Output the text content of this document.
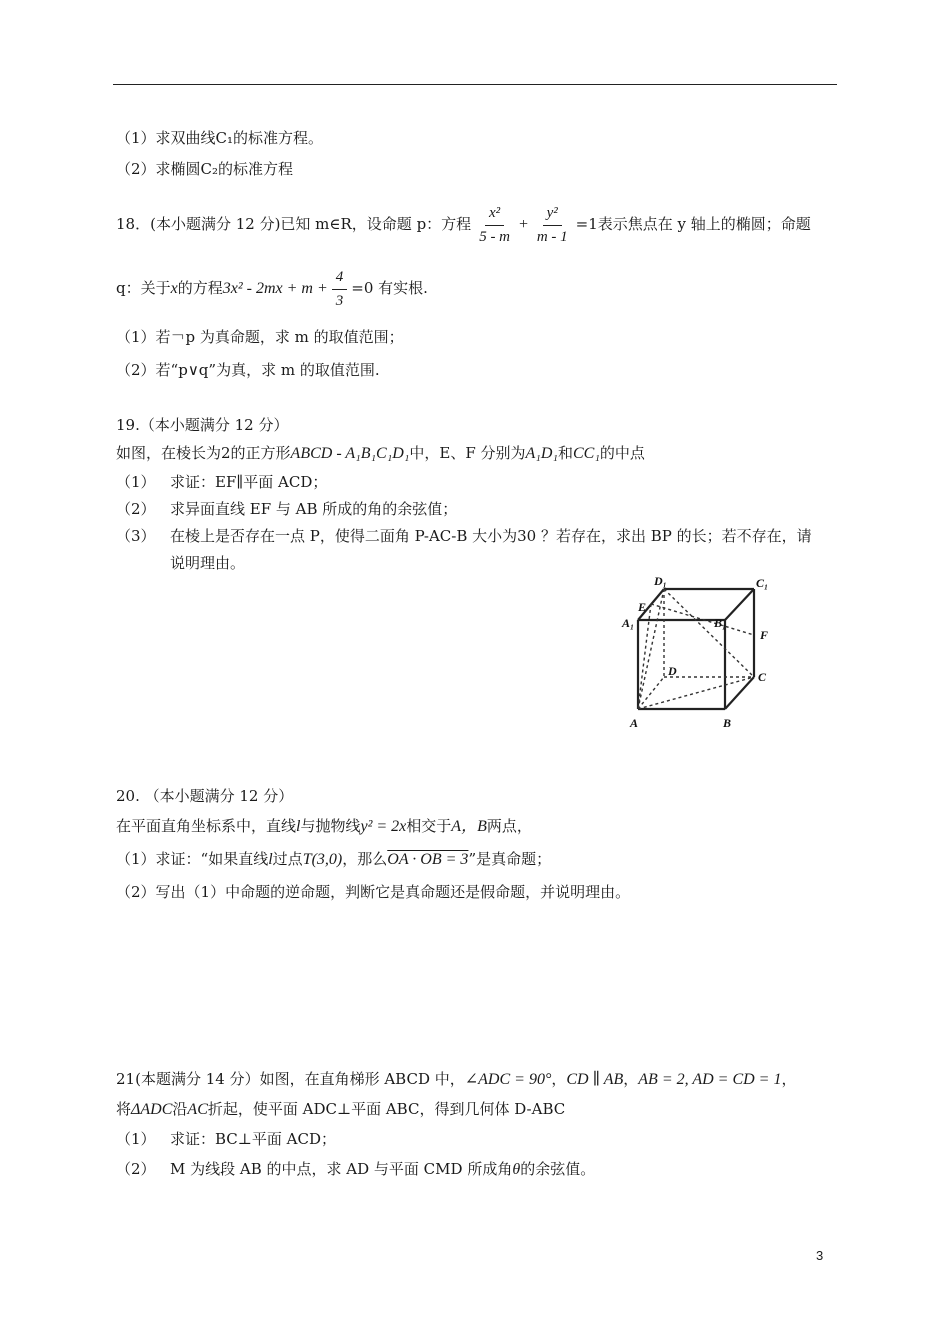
（1）求双曲线C₁的标准方程。
（2）求椭圆C₂的标准方程
18．(本小题满分 12 分)已知 m∈R，设命题 p：方程 $\frac{\text{x²}}{5 - m} + \frac{\text{y²}}{m - 1} =1$表示焦点在 y 轴上的椭圆；命题
q：关于x的方程$3x^2 - 2mx + m + \frac{4}{3} =0$ 有实根.
（1）若￢p 为真命题，求 m 的取值范围；
（2）若“p∨q”为真，求 m 的取值范围.
19.（本小题满分 12 分）
如图，在棱长为2的正方形ABCD - A₁B₁C₁D₁中，E、F 分别为A₁D₁和CC₁的中点
（1） 求证：EF∥平面 ACD；
（2） 求异面直线 EF 与 AB 所成的角的余弦值；
（3） 在棱上是否存在一点 P，使得二面角 P-AC-B 大小为30 ？若存在，求出 BP 的长；若不存在，请
说明理由。
D₁	C₁
E
A₁	B₁
F
D	C
A	B
20. （本小题满分 12 分）
在平面直角坐标系中，直线l与抛物线y² = 2x相交于A，B两点，
（1）求证：“如果直线l过点T(3,0)，那么OA · OB = 3”是真命题；
（2）写出（1）中命题的逆命题，判断它是真命题还是假命题，并说明理由。
21(本题满分 14 分）如图，在直角梯形 ABCD 中，∠ADC = 90°，CD ∥ AB，AB = 2, AD = CD = 1，
将ΔADC沿AC折起，使平面 ADC⊥平面 ABC，得到几何体 D-ABC
（1） 求证：BC⊥平面 ACD；
（2） M 为线段 AB 的中点，求 AD 与平面 CMD 所成角θ的余弦值。
3
